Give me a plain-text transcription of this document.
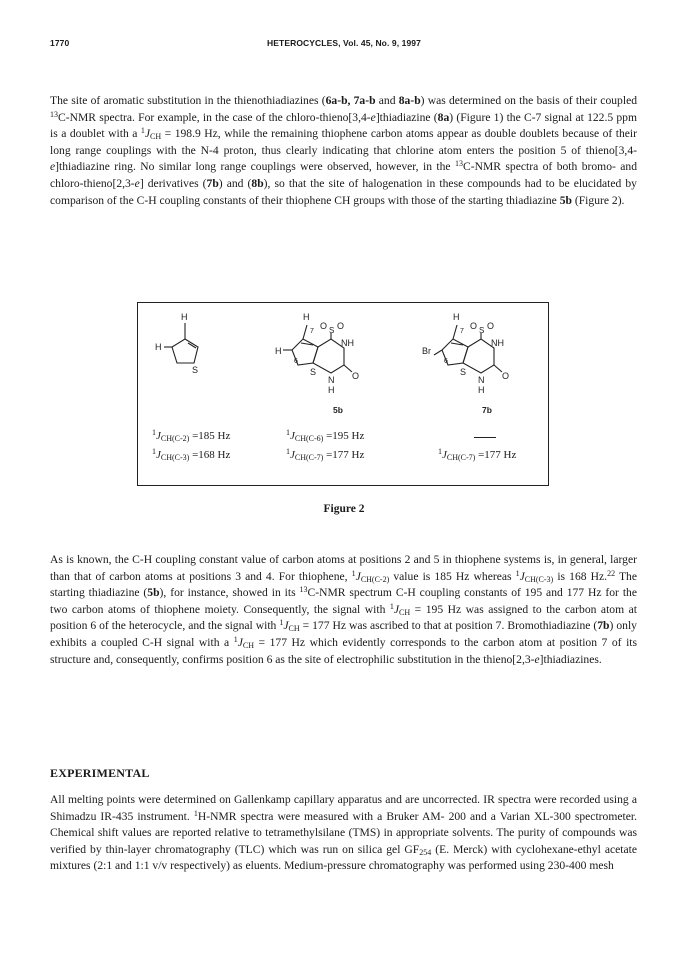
1770	HETEROCYCLES, Vol. 45, No. 9, 1997

The site of aromatic substitution in the thienothiadiazines (6a-b, 7a-b and 8a-b) was determined on the basis of their coupled $^{13}$C-NMR spectra. For example, in the case of the chloro-thieno[3,4-e]thiadiazine (8a) (Figure 1) the C-7 signal at 122.5 ppm is a doublet with a $^1J_{CH} = 198.9$ Hz, while the remaining thiophene carbon atoms appear as double doublets because of their long range couplings with the N-4 proton, thus clearly indicating that chlorine atom enters the position 5 of thieno[3,4-e]thiadiazine ring. No similar long range couplings were observed, however, in the $^{13}$C-NMR spectra of both bromo- and chloro-thieno[2,3-e] derivatives (7b) and (8b), so that the site of halogenation in these compounds had to be elucidated by comparison of the C-H coupling constants of their thiophene CH groups with those of the starting thiadiazine 5b (Figure 2).

H
H
S
H
7
H
6
S
O S O
NH
N
H
O
H
7
Br
6
S
O S O
NH
N
H
O
5b	7b
$^1J_{CH(C-2)} =185$ Hz
$^1J_{CH(C-3)} =168$ Hz
$^1J_{CH(C-6)} =195$ Hz
$^1J_{CH(C-7)} =177$ Hz	$^1J_{CH(C-7)} =177$ Hz
Figure 2

As is known, the C-H coupling constant value of carbon atoms at positions 2 and 5 in thiophene systems is, in general, larger than that of carbon atoms at positions 3 and 4. For thiophene, $^1J_{CH(C-2)}$ value is 185 Hz whereas $^1J_{CH(C-3)}$ is 168 Hz.$^{22}$ The starting thiadiazine (5b), for instance, showed in its $^{13}$C-NMR spectrum C-H coupling constants of 195 and 177 Hz for the two carbon atoms of thiophene moiety. Consequently, the signal with $^1J_{CH} = 195$ Hz was assigned to the carbon atom at position 6 of the heterocycle, and the signal with $^1J_{CH} = 177$ Hz was ascribed to that at position 7. Bromothiadiazine (7b) only exhibits a coupled C-H signal with a $^1J_{CH} = 177$ Hz which evidently corresponds to the carbon atom at position 7 of its structure and, consequently, confirms position 6 as the site of electrophilic substitution in the thieno[2,3-e]thiadiazines.

EXPERIMENTAL

All melting points were determined on Gallenkamp capillary apparatus and are uncorrected. IR spectra were recorded using a Shimadzu IR-435 instrument. $^1$H-NMR spectra were measured with a Bruker AM- 200 and a Varian XL-300 spectrometer. Chemical shift values are reported relative to tetramethylsilane (TMS) in appropriate solvents. The purity of compounds was verified by thin-layer chromatography (TLC) which was run on silica gel $GF_{254}$ (E. Merck) with cyclohexane-ethyl acetate mixtures (2:1 and 1:1 v/v respectively) as eluents. Medium-pressure chromatography was performed using 230-400 mesh
